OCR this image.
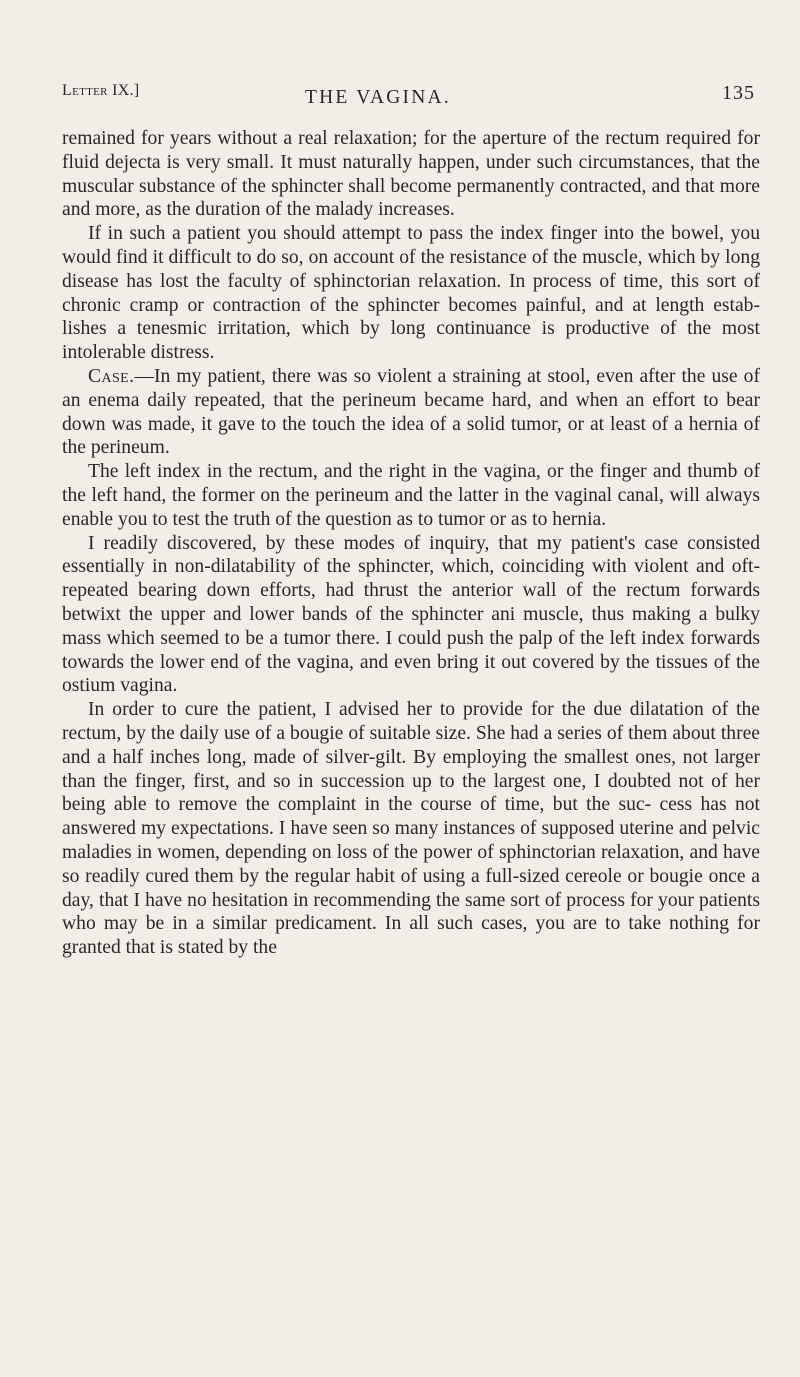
Letter IX.]	THE VAGINA.	135

remained for years without a real relaxation; for the aperture of the rectum required for fluid dejecta is very small. It must naturally happen, under such circumstances, that the muscular substance of the sphincter shall become permanently contracted, and that more and more, as the duration of the malady increases.

If in such a patient you should attempt to pass the index finger into the bowel, you would find it difficult to do so, on account of the resistance of the muscle, which by long disease has lost the faculty of sphinctorian relaxation. In process of time, this sort of chronic cramp or contraction of the sphincter becomes painful, and at length estab- lishes a tenesmic irritation, which by long continuance is productive of the most intolerable distress.

Case.—In my patient, there was so violent a straining at stool, even after the use of an enema daily repeated, that the perineum became hard, and when an effort to bear down was made, it gave to the touch the idea of a solid tumor, or at least of a hernia of the perineum.

The left index in the rectum, and the right in the vagina, or the finger and thumb of the left hand, the former on the perineum and the latter in the vaginal canal, will always enable you to test the truth of the question as to tumor or as to hernia.

I readily discovered, by these modes of inquiry, that my patient's case consisted essentially in non-dilatability of the sphincter, which, coinciding with violent and oft-repeated bearing down efforts, had thrust the anterior wall of the rectum forwards betwixt the upper and lower bands of the sphincter ani muscle, thus making a bulky mass which seemed to be a tumor there. I could push the palp of the left index forwards towards the lower end of the vagina, and even bring it out covered by the tissues of the ostium vagina.

In order to cure the patient, I advised her to provide for the due dilatation of the rectum, by the daily use of a bougie of suitable size. She had a series of them about three and a half inches long, made of silver-gilt. By employing the smallest ones, not larger than the finger, first, and so in succession up to the largest one, I doubted not of her being able to remove the complaint in the course of time, but the suc- cess has not answered my expectations. I have seen so many instances of supposed uterine and pelvic maladies in women, depending on loss of the power of sphinctorian relaxation, and have so readily cured them by the regular habit of using a full-sized cereole or bougie once a day, that I have no hesitation in recommending the same sort of process for your patients who may be in a similar predicament. In all such cases, you are to take nothing for granted that is stated by the
